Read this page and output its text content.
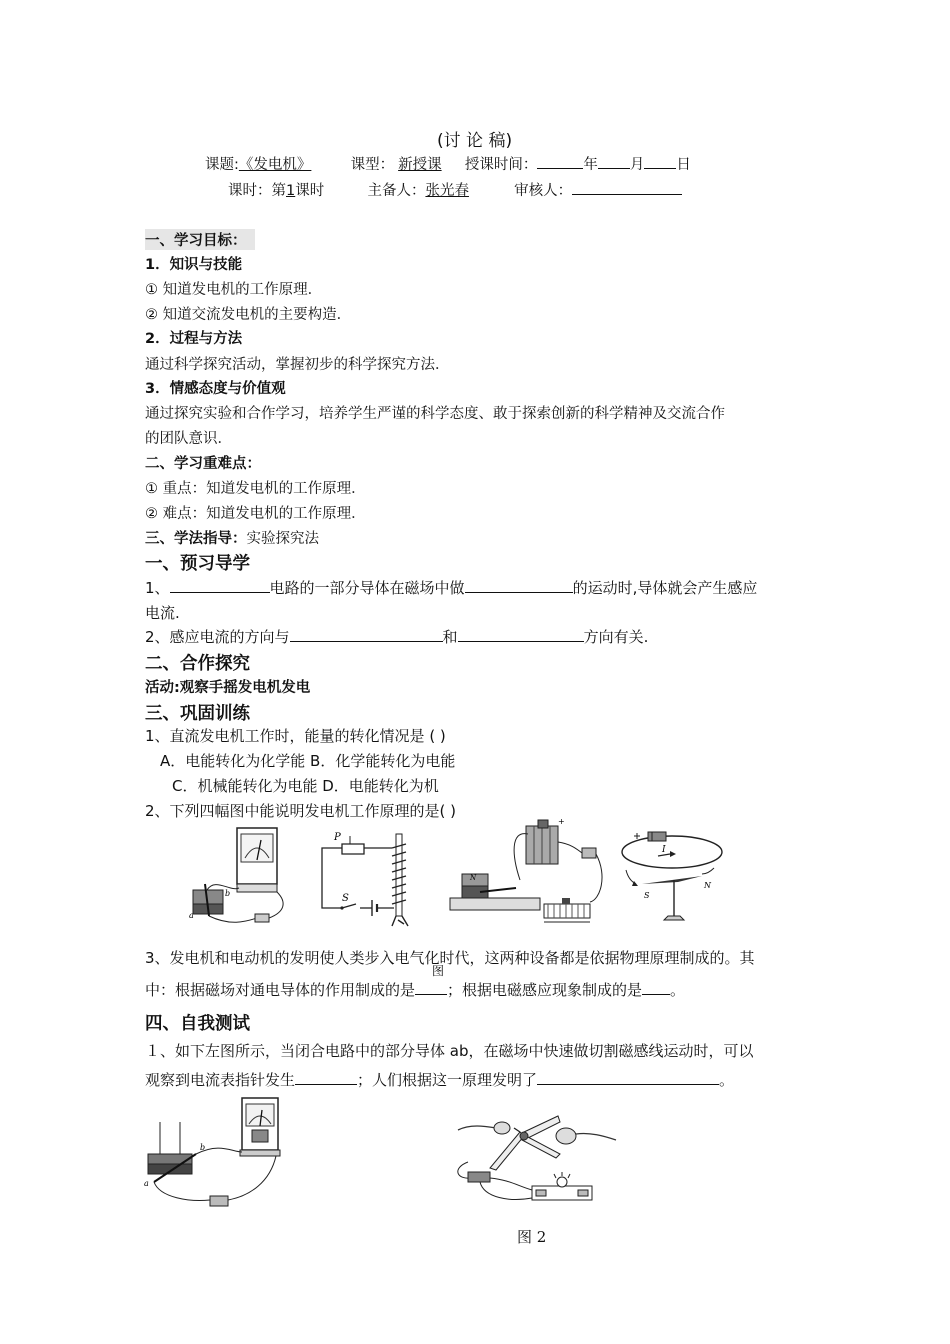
(讨 论 稿)
课题:《发电机》	课型： 新授课 授课时间：	年 月 日
课时：第1课时	主备人：张光春	审核人：
一、学习目标：
1．知识与技能
① 知道发电机的工作原理．
② 知道交流发电机的主要构造．
2．过程与方法
通过科学探究活动，掌握初步的科学探究方法．
3．情感态度与价值观
通过探究实验和合作学习，培养学生严谨的科学态度、敢于探索创新的科学精神及交流合作
的团队意识．
二、学习重难点：
① 重点：知道发电机的工作原理．
② 难点：知道发电机的工作原理．
三、学法指导：实验探究法
一、预习导学
1、	电路的一部分导体在磁场中做	的运动时,导体就会产生感应
电流.
2、感应电流的方向与	和	方向有关.
二、合作探究
活动:观察手摇发电机发电
三、巩固训练
1、直流发电机工作时，能量的转化情况是 ( )
A．电能转化为化学能 B．化学能转化为电能
C．机械能转化为电能 D．电能转化为机
2、下列四幅图中能说明发电机工作原理的是( )
a
b
P
S
+
N
I
S
N
3、发电机和电动机的发明使人类步入电气化时代，这两种设备都是依据物理原理制成的。其
图
中：根据磁场对通电导体的作用制成的是 ；根据电磁感应现象制成的是 。
四、自我测试
１、如下左图所示，当闭合电路中的部分导体 ab，在磁场中快速做切割磁感线运动时，可以
观察到电流表指针发生	；人们根据这一原理发明了	。
a
b
图 2
